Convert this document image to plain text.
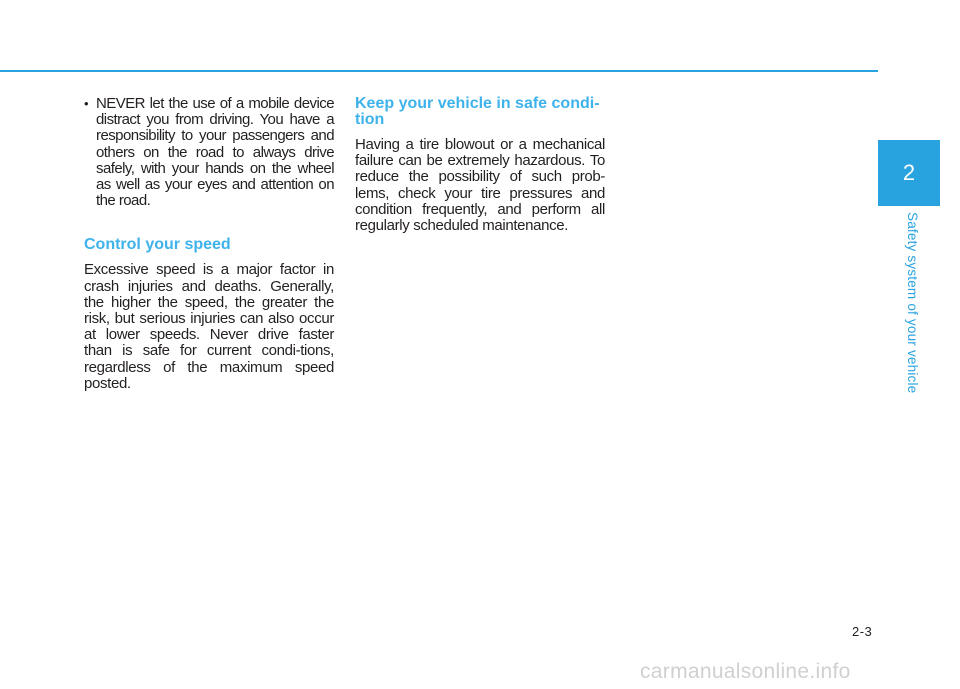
• NEVER let the use of a mobile device distract you from driving. You have a responsibility to your passengers and others on the road to always drive safely, with your hands on the wheel as well as your eyes and attention on the road.
Control your speed

Excessive speed is a major factor in crash injuries and deaths. Generally, the higher the speed, the greater the risk, but serious injuries can also occur at lower speeds. Never drive faster than is safe for current condi-tions, regardless of the maximum speed posted.

Keep your vehicle in safe condi-tion

Having a tire blowout or a mechanical failure can be extremely hazardous. To reduce the possibility of such prob-lems, check your tire pressures and condition frequently, and perform all regularly scheduled maintenance.

2
Safety system of your vehicle
2-3
carmanualsonline.info
